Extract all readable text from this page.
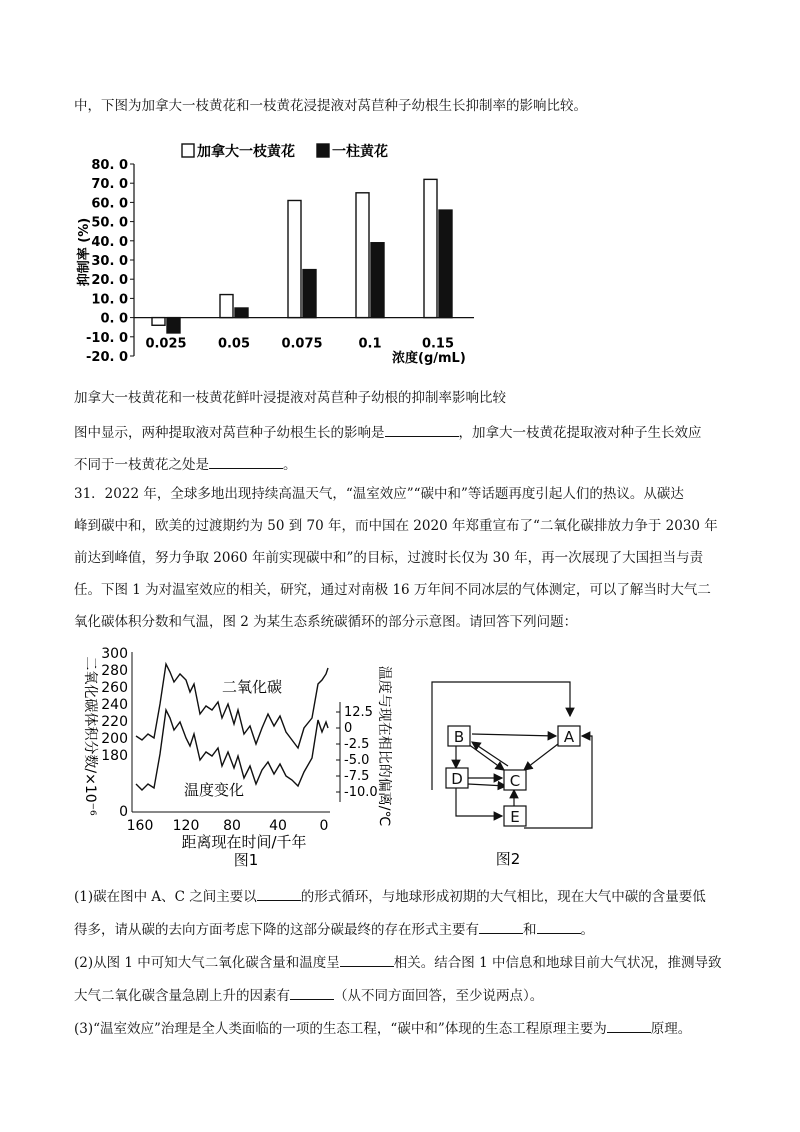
中，下图为加拿大一枝黄花和一枝黄花浸提液对莴苣种子幼根生长抑制率的影响比较。
加拿大一枝黄花	一柱黄花
抑制率 (%)
80. 0
70. 0
60. 0
50. 0
40. 0
30. 0
20. 0
10. 0
0. 0
-10. 0
-20. 0
0.025 0.05 0.075	0.1	0.15
浓度(g/mL)
加拿大一枝黄花和一枝黄花鲜叶浸提液对莴苣种子幼根的抑制率影响比较
图中显示，两种提取液对莴苣种子幼根生长的影响是	，加拿大一枝黄花提取液对种子生长效应
不同于一枝黄花之处是	。
31．2022 年，全球多地出现持续高温天气，“温室效应”“碳中和”等话题再度引起人们的热议。从碳达
峰到碳中和，欧美的过渡期约为 50 到 70 年，而中国在 2020 年郑重宣布了“二氧化碳排放力争于 2030 年
前达到峰值，努力争取 2060 年前实现碳中和”的目标，过渡时长仅为 30 年，再一次展现了大国担当与责
任。下图 1 为对温室效应的相关，研究，通过对南极 16 万年间不同冰层的气体测定，可以了解当时大气二
氧化碳体积分数和气温，图 2 为某生态系统碳循环的部分示意图。请回答下列问题：
二氧化碳体积分数/×10⁻⁶	温度与现在相比的偏离/℃
300
280
260
240
220
200
180
0
12.5
0
-2.5
-5.0
-7.5
-10.0
160 120 80 40 0
二氧化碳
温度变化
距离现在时间/千年
图1
A
B
C
D
E
图2
(1)碳在图中 A、C 之间主要以	的形式循环，与地球形成初期的大气相比，现在大气中碳的含量要低
得多，请从碳的去向方面考虑下降的这部分碳最终的存在形式主要有	和	。
(2)从图 1 中可知大气二氧化碳含量和温度呈	相关。结合图 1 中信息和地球目前大气状况，推测导致
大气二氧化碳含量急剧上升的因素有	（从不同方面回答，至少说两点）。
(3)“温室效应”治理是全人类面临的一项的生态工程，“碳中和”体现的生态工程原理主要为	原理。
